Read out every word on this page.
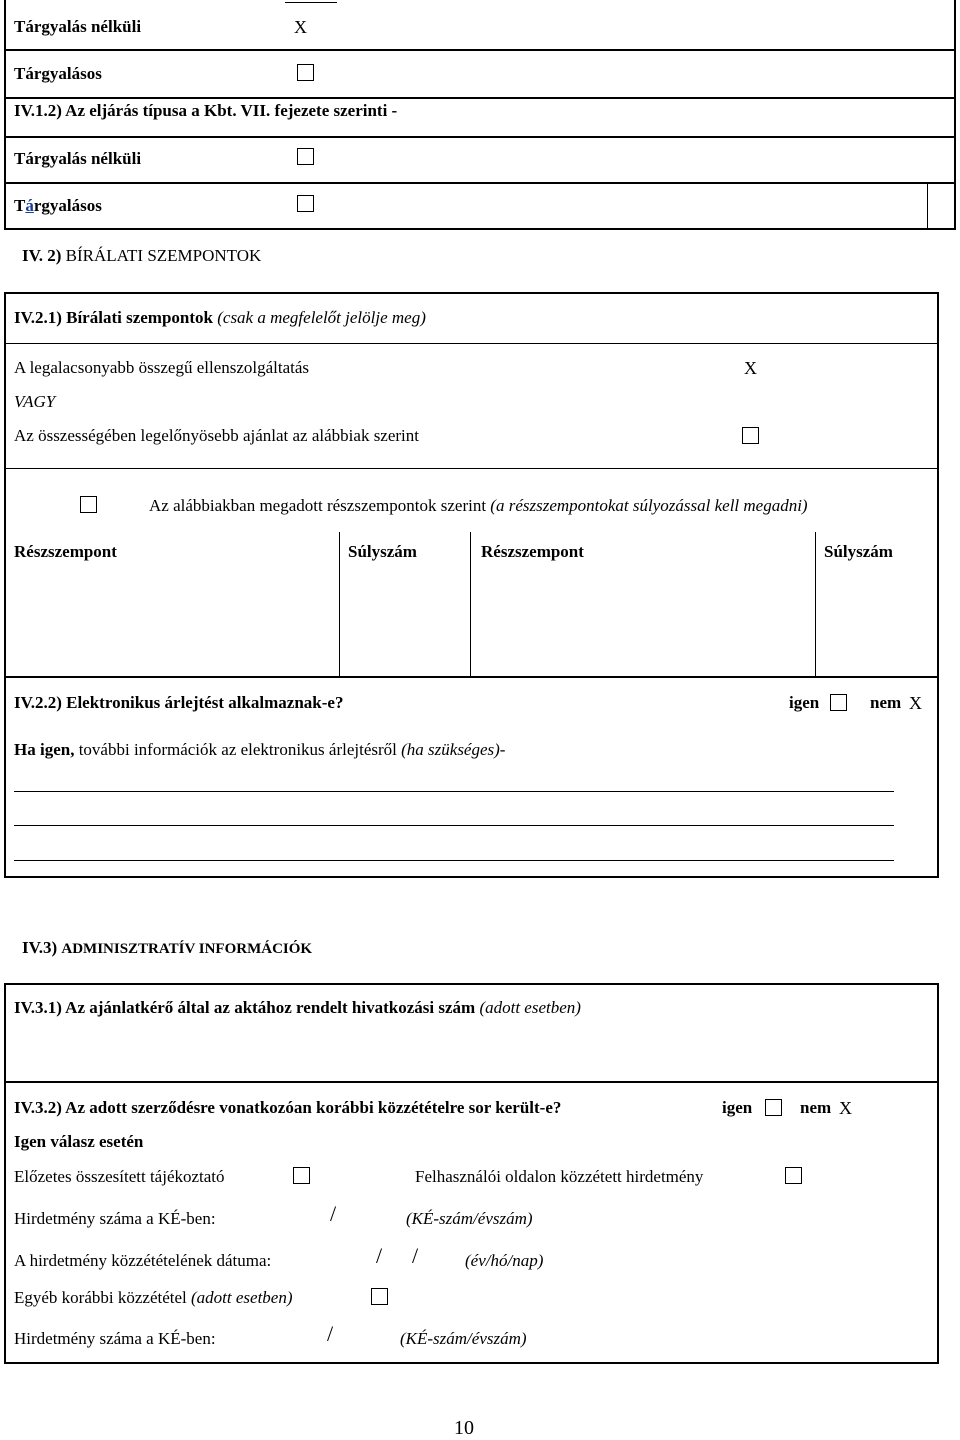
Tárgyalás nélküli	X
Tárgyalásos
IV.1.2) Az eljárás típusa a Kbt. VII. fejezete szerinti -
Tárgyalás nélküli
Tárgyalásos
IV. 2) BÍRÁLATI SZEMPONTOK
IV.2.1) Bírálati szempontok (csak a megfelelőt jelölje meg)
A legalacsonyabb összegű ellenszolgáltatás	X
VAGY
Az összességében legelőnyösebb ajánlat az alábbiak szerint
Az alábbiakban megadott részszempontok szerint (a részszempontokat súlyozással kell megadni)
Részszempont	Súlyszám	Részszempont	Súlyszám
IV.2.2) Elektronikus árlejtést alkalmaznak-e?	igen	nem X
Ha igen, további információk az elektronikus árlejtésről (ha szükséges)-
IV.3) ADMINISZTRATÍV INFORMÁCIÓK
IV.3.1) Az ajánlatkérő által az aktához rendelt hivatkozási szám (adott esetben)
IV.3.2) Az adott szerződésre vonatkozóan korábbi közzétételre sor került-e?	igen	nem X
Igen válasz esetén
Előzetes összesített tájékoztató	Felhasználói oldalon közzétett hirdetmény
Hirdetmény száma a KÉ-ben:	/	(KÉ-szám/évszám)
A hirdetmény közzétételének dátuma:	/ /	(év/hó/nap)
Egyéb korábbi közzététel (adott esetben)
Hirdetmény száma a KÉ-ben:	/	(KÉ-szám/évszám)
10
